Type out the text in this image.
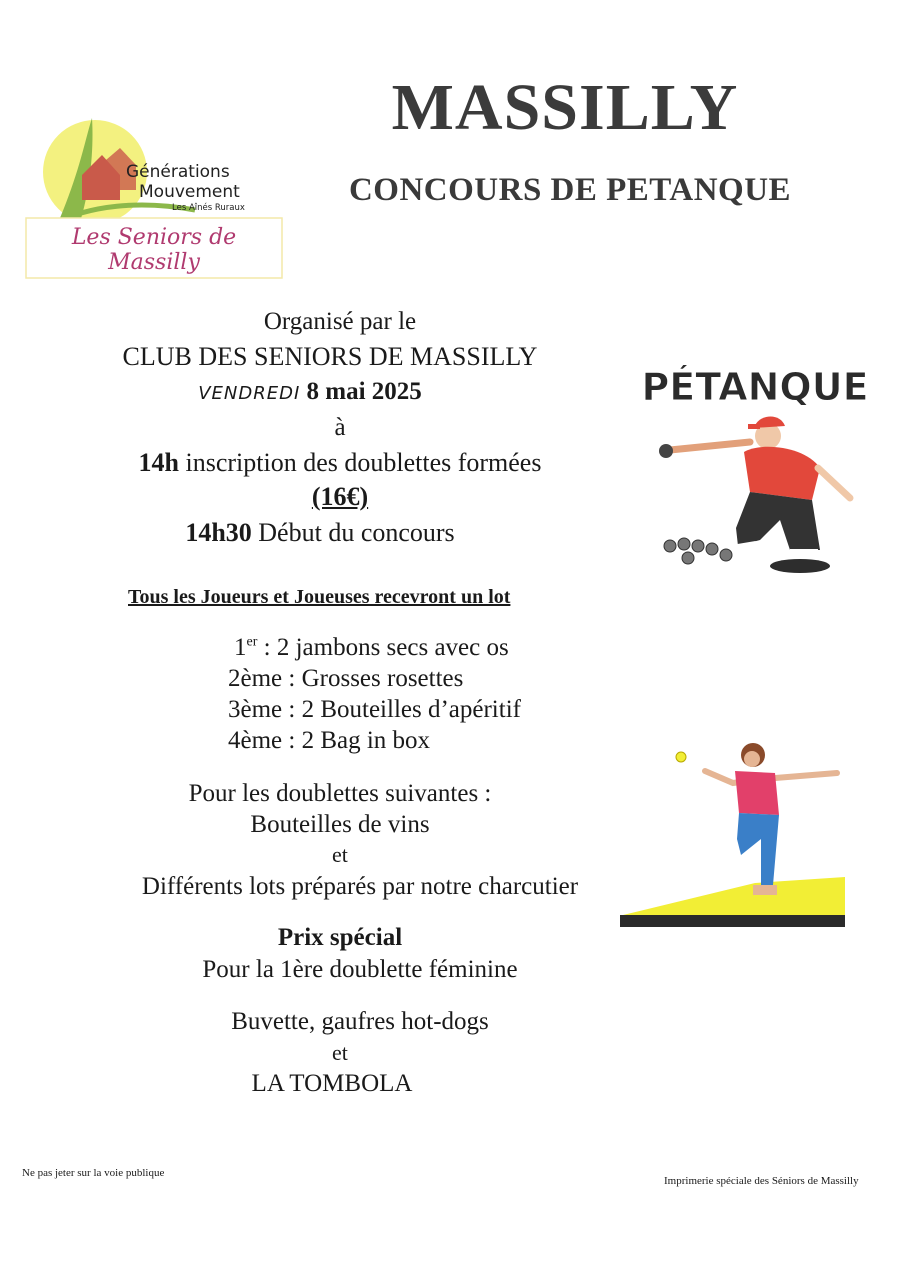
MASSILLY
CONCOURS DE PETANQUE
Générations
Mouvement
Les Aînés Ruraux
Les Seniors de Massilly
Organisé par le
CLUB DES SENIORS DE MASSILLY
VENDREDI 8 mai 2025
à
14h inscription des doublettes formées
(16€)
14h30 Début du concours
Tous les Joueurs et Joueuses recevront un lot
1er : 2 jambons secs avec os
2ème : Grosses rosettes
3ème : 2 Bouteilles d’apéritif
4ème : 2 Bag in box
Pour les doublettes suivantes :
Bouteilles de vins
et
Différents lots préparés par notre charcutier
Prix spécial
Pour la 1ère doublette féminine
Buvette, gaufres hot-dogs
et
LA TOMBOLA
PÉTANQUE
Ne pas jeter sur la voie publique
Imprimerie spéciale des Séniors de Massilly
